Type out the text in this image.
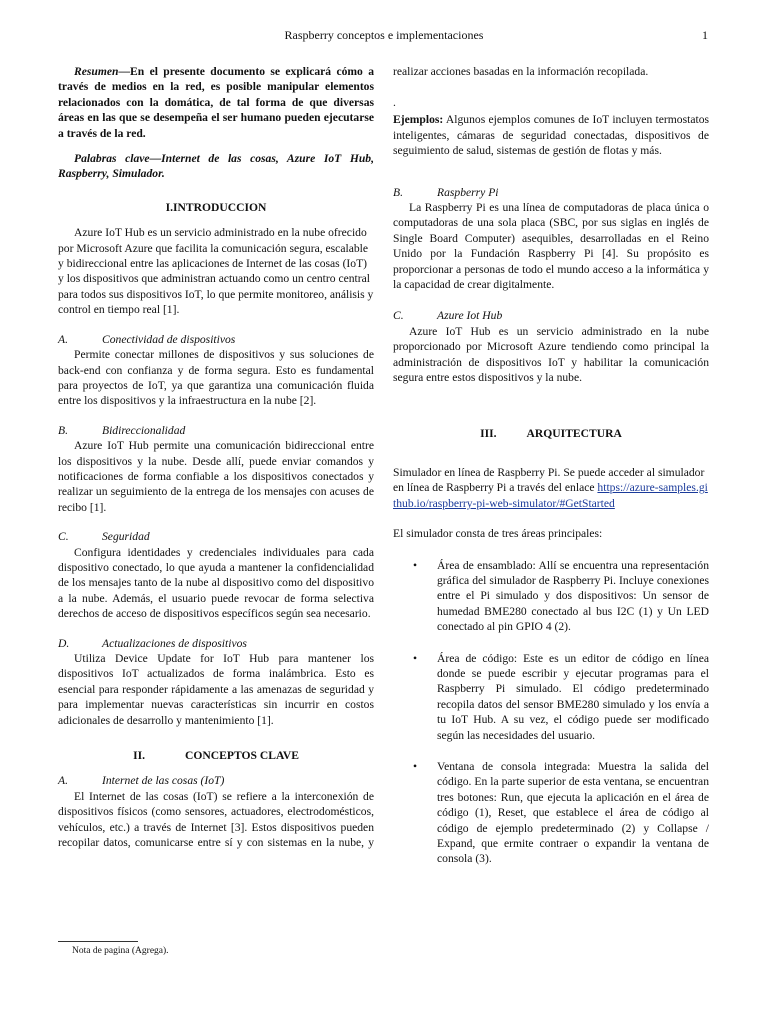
Raspberry conceptos e implementaciones	1

Resumen—En el presente documento se explicará cómo a través de medios en la red, es posible manipular elementos relacionados con la domática, de tal forma de que diversas áreas en las que se desempeña el ser humano pueden ejecutarse a través de la red.

Palabras clave—Internet de las cosas, Azure IoT Hub, Raspberry, Simulador.

I.INTRODUCCION

Azure IoT Hub es un servicio administrado en la nube ofrecido por Microsoft Azure que facilita la comunicación segura, escalable y bidireccional entre las aplicaciones de Internet de las cosas (IoT) y los dispositivos que administran actuando como un centro central para todos sus dispositivos IoT, lo que permite monitoreo, análisis y control en tiempo real [1].

A.	Conectividad de dispositivos

Permite conectar millones de dispositivos y sus soluciones de back-end con confianza y de forma segura. Esto es fundamental para proyectos de IoT, ya que garantiza una comunicación fluida entre los dispositivos y la infraestructura en la nube [2].

B.	Bidireccionalidad

Azure IoT Hub permite una comunicación bidireccional entre los dispositivos y la nube. Desde allí, puede enviar comandos y notificaciones de forma confiable a los dispositivos conectados y realizar un seguimiento de la entrega de los mensajes con acuses de recibo [1].

C.	Seguridad

Configura identidades y credenciales individuales para cada dispositivo conectado, lo que ayuda a mantener la confidencialidad de los mensajes tanto de la nube al dispositivo como del dispositivo a la nube. Además, el usuario puede revocar de forma selectiva derechos de acceso de dispositivos específicos según sea necesario.

D.	Actualizaciones de dispositivos

Utiliza Device Update for IoT Hub para mantener los dispositivos IoT actualizados de forma inalámbrica. Esto es esencial para responder rápidamente a las amenazas de seguridad y para implementar nuevas características sin incurrir en costos adicionales de desarrollo y mantenimiento [1].

II.	CONCEPTOS CLAVE
A.	Internet de las cosas (IoT)

El Internet de las cosas (IoT) se refiere a la interconexión de dispositivos físicos (como sensores, actuadores, electrodomésticos, vehículos, etc.) a través de Internet [3]. Estos dispositivos pueden recopilar datos, comunicarse entre sí y con sistemas en la nube, y

realizar acciones basadas en la información recopilada.

.

Ejemplos: Algunos ejemplos comunes de IoT incluyen termostatos inteligentes, cámaras de seguridad conectadas, dispositivos de seguimiento de salud, sistemas de gestión de flotas y más.

B.	Raspberry Pi

La Raspberry Pi es una línea de computadoras de placa única o computadoras de una sola placa (SBC, por sus siglas en inglés de Single Board Computer) asequibles, desarrolladas en el Reino Unido por la Fundación Raspberry Pi [4]. Su propósito es proporcionar a personas de todo el mundo acceso a la informática y la capacidad de crear digitalmente.

C.	Azure Iot Hub

Azure IoT Hub es un servicio administrado en la nube proporcionado por Microsoft Azure tendiendo como principal la administración de dispositivos IoT y habilitar la comunicación segura entre estos dispositivos y la nube.

III.	ARQUITECTURA

Simulador en línea de Raspberry Pi. Se puede acceder al simulador en línea de Raspberry Pi a través del enlace https://azure-samples.github.io/raspberry-pi-web-simulator/#GetStarted

El simulador consta de tres áreas principales:

• Área de ensamblado: Allí se encuentra una representación gráfica del simulador de Raspberry Pi. Incluye conexiones entre el Pi simulado y dos dispositivos: Un sensor de humedad BME280 conectado al bus I2C (1) y Un LED conectado al pin GPIO 4 (2).

• Área de código: Este es un editor de código en línea donde se puede escribir y ejecutar programas para el Raspberry Pi simulado. El código predeterminado recopila datos del sensor BME280 simulado y los envía a tu IoT Hub. A su vez, el código puede ser modificado según las necesidades del usuario.

• Ventana de consola integrada: Muestra la salida del código. En la parte superior de esta ventana, se encuentran tres botones: Run, que ejecuta la aplicación en el área de código (1), Reset, que establece el área de código al código de ejemplo predeterminado (2) y Collapse / Expand, que ermite contraer o expandir la ventana de consola (3).

Nota de pagina (Agrega).
